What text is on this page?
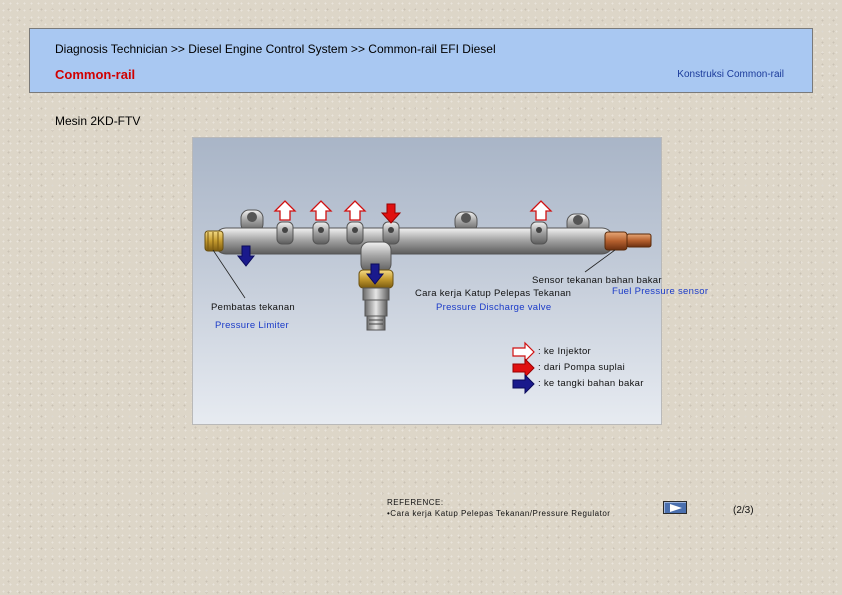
Diagnosis Technician >> Diesel Engine Control System >> Common-rail EFI Diesel
Common-rail	Konstruksi Common-rail
Mesin 2KD-FTV
Sensor tekanan bahan bakar
Fuel Pressure sensor
Cara kerja Katup Pelepas Tekanan
Pressure Discharge valve
Pembatas tekanan
Pressure Limiter
: ke Injektor
: dari Pompa suplai
: ke tangki bahan bakar
REFERENCE:
•Cara kerja Katup Pelepas Tekanan/Pressure Regulator	(2/3)
